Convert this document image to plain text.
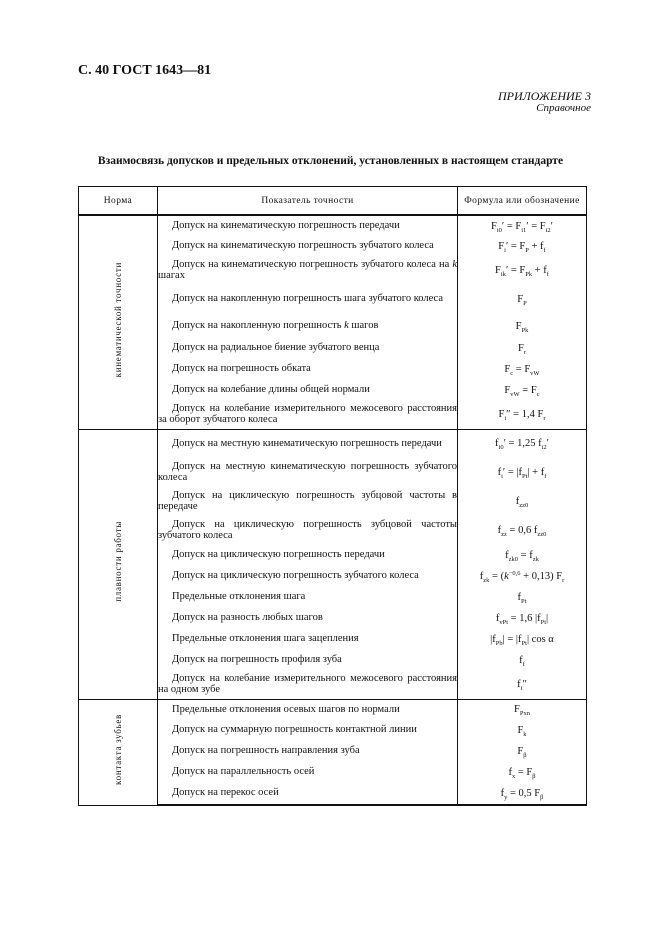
С. 40 ГОСТ 1643—81
ПРИЛОЖЕНИЕ 3
Справочное
Взаимосвязь допусков и предельных отклонений, установленных в настоящем стандарте
Норма	Показатель точности	Формула или обозначение
кинематической точности	Допуск на кинематическую погрешность передачи	$F_{i0}' = F_{i1}' = F_{i2}'$

	Допуск на кинематическую погрешность зубчатого колеса	$F_i' = F_P + f_f$

	Допуск на кинематическую погрешность зубчатого колеса на k шагах	$F_{ik}' = F_{Pk} + f_f$

	Допуск на накопленную погрешность шага зубчатого колеса	$F_P$

	Допуск на накопленную погрешность k шагов	$F_{Pk}$

	Допуск на радиальное биение зубчатого венца	$F_r$

	Допуск на погрешность обката	$F_c = F_{vW}$

	Допуск на колебание длины общей нормали	$F_{vW} = F_c$

	Допуск на колебание измерительного межосевого расстояния за оборот зубчатого колеса	$F_i'' = 1,4$ $F_r$
плавности работы	Допуск на местную кинематическую погрешность передачи	$f_{i0}' = 1,25$ $f_{i2}'$

	Допуск на местную кинематическую погрешность зубчатого колеса	$f_i' = |f_{Pt}| + f_f$

	Допуск на циклическую погрешность зубцовой частоты в передаче	$f_{zz0}$

	Допуск на циклическую погрешность зубцовой частоты зубчатого колеса	$f_{zz} = 0,6$ $f_{zz0}$

	Допуск на циклическую погрешность передачи	$f_{zk0} = f_{zk}$

	Допуск на циклическую погрешность зубчатого колеса	$f_{zk} = (k^{-0,6} + 0,13)$ $F_r$

	Предельные отклонения шага	$f_{Pt}$

	Допуск на разность любых шагов	$f_{vPt} = 1,6$ $|f_{Pt}|$

	Предельные отклонения шага зацепления	$|f_{Pb}| = |f_{Pt}|$ cos α

	Допуск на погрешность профиля зуба	$f_f$

	Допуск на колебание измерительного межосевого расстояния на одном зубе	$f_i''$
контакта зубьев	Предельные отклонения осевых шагов по нормали	$F_{Pxn}$

	Допуск на суммарную погрешность контактной линии	$F_k$

	Допуск на погрешность направления зуба	$F_\beta$

	Допуск на параллельность осей	$f_x = F_\beta$

	Допуск на перекос осей	$f_y = 0,5$ $F_\beta$
